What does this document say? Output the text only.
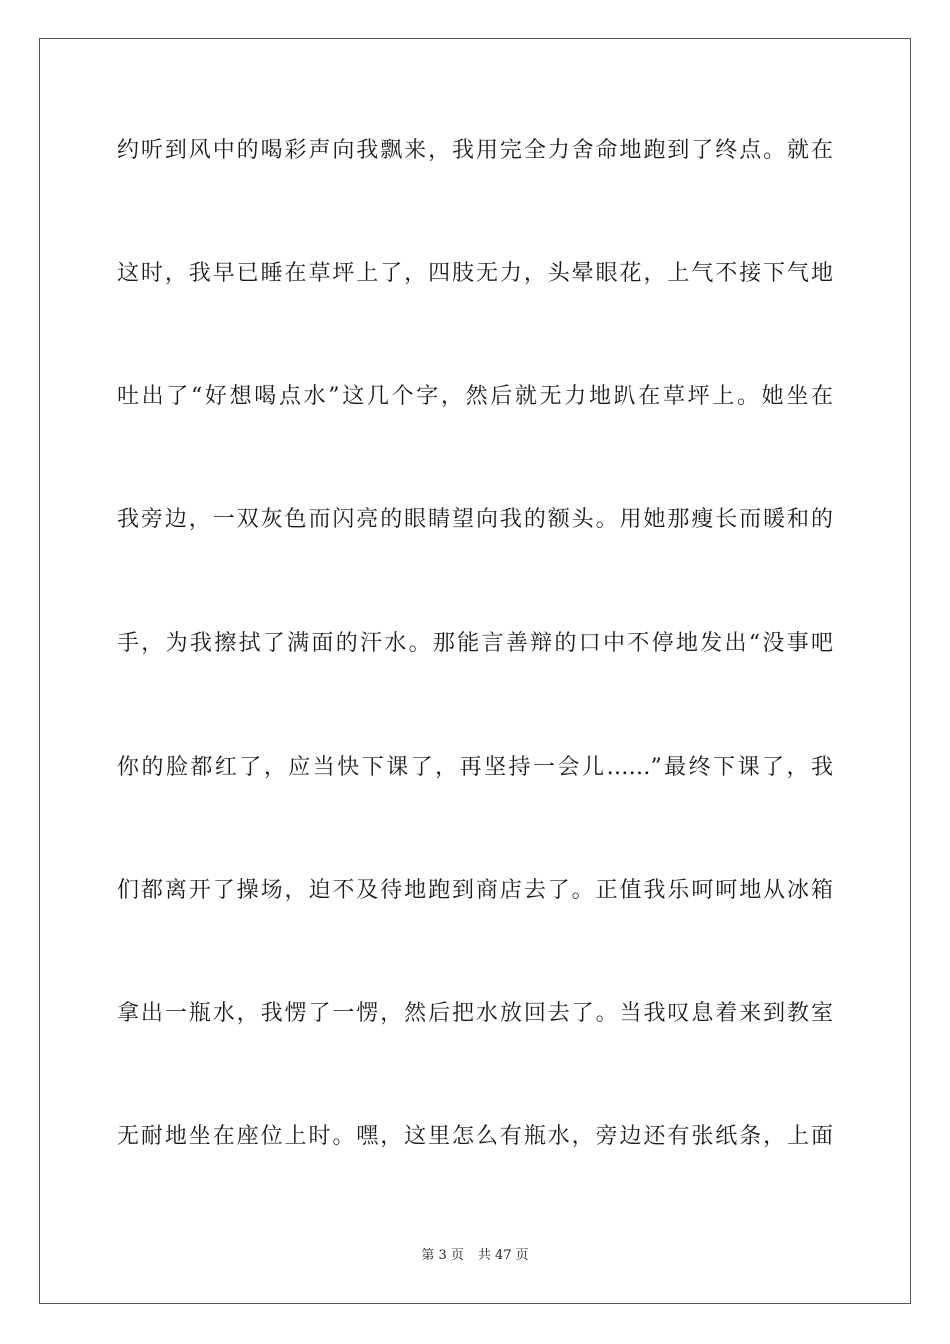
约听到风中的喝彩声向我飘来，我用完全力舍命地跑到了终点。就在
这时，我早已睡在草坪上了，四肢无力，头晕眼花，上气不接下气地
吐出了“好想喝点水”这几个字，然后就无力地趴在草坪上。她坐在
我旁边，一双灰色而闪亮的眼睛望向我的额头。用她那瘦长而暖和的
手，为我擦拭了满面的汗水。那能言善辩的口中不停地发出“没事吧
你的脸都红了，应当快下课了，再坚持一会儿……”最终下课了，我
们都离开了操场，迫不及待地跑到商店去了。正值我乐呵呵地从冰箱
拿出一瓶水，我愣了一愣，然后把水放回去了。当我叹息着来到教室
无耐地坐在座位上时。嘿，这里怎么有瓶水，旁边还有张纸条，上面
第 3 页 共 47 页
